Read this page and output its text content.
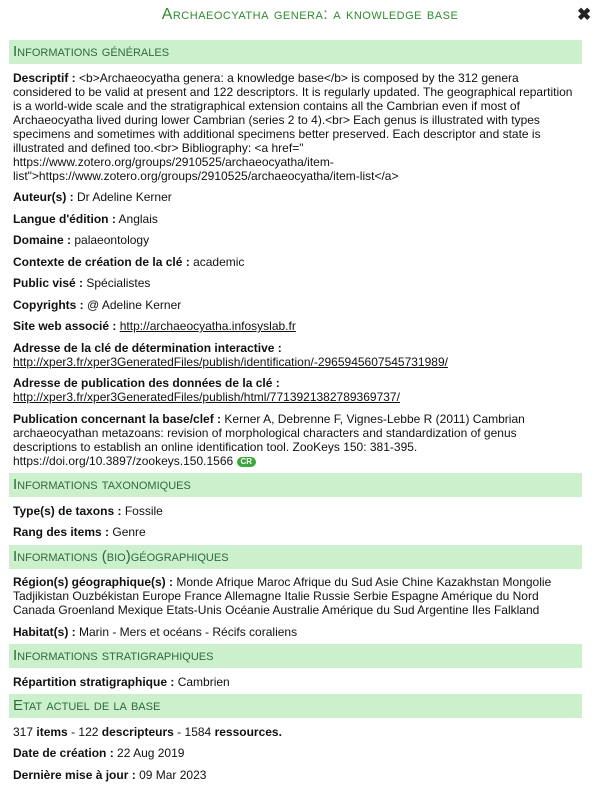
Archaeocyatha genera: a knowledge base	✖
Informations générales
Descriptif : <b>Archaeocyatha genera: a knowledge base</b> is composed by the 312 genera considered to be valid at present and 122 descriptors. It is regularly updated. The geographical repartition is a world-wide scale and the stratigraphical extension contains all the Cambrian even if most of Archaeocyatha lived during lower Cambrian (series 2 to 4).<br> Each genus is illustrated with types specimens and sometimes with additional specimens better preserved. Each descriptor and state is illustrated and defined too.<br> Bibliography: <a href=" https://www.zotero.org/groups/2910525/archaeocyatha/item-list">https://www.zotero.org/groups/2910525/archaeocyatha/item-list</a>
Auteur(s) : Dr Adeline Kerner
Langue d'édition : Anglais
Domaine : palaeontology
Contexte de création de la clé : academic
Public visé : Spécialistes
Copyrights : @ Adeline Kerner
Site web associé : http://archaeocyatha.infosyslab.fr
Adresse de la clé de détermination interactive :
http://xper3.fr/xper3GeneratedFiles/publish/identification/-2965945607545731989/
Adresse de publication des données de la clé :
http://xper3.fr/xper3GeneratedFiles/publish/html/7713921382789369737/
Publication concernant la base/clef : Kerner A, Debrenne F, Vignes-Lebbe R (2011) Cambrian archaeocyathan metazoans: revision of morphological characters and standardization of genus descriptions to establish an online identification tool. ZooKeys 150: 381-395. https://doi.org/10.3897/zookeys.150.1566 CR
Informations taxonomiques
Type(s) de taxons : Fossile
Rang des items : Genre
Informations (bio)géographiques
Région(s) géographique(s) : Monde Afrique Maroc Afrique du Sud Asie Chine Kazakhstan Mongolie Tadjikistan Ouzbékistan Europe France Allemagne Italie Russie Serbie Espagne Amérique du Nord Canada Groenland Mexique Etats-Unis Océanie Australie Amérique du Sud Argentine Iles Falkland
Habitat(s) : Marin - Mers et océans - Récifs coraliens
Informations stratigraphiques
Répartition stratigraphique : Cambrien
Etat actuel de la base
317 items - 122 descripteurs - 1584 ressources.
Date de création : 22 Aug 2019
Dernière mise à jour : 09 Mar 2023
